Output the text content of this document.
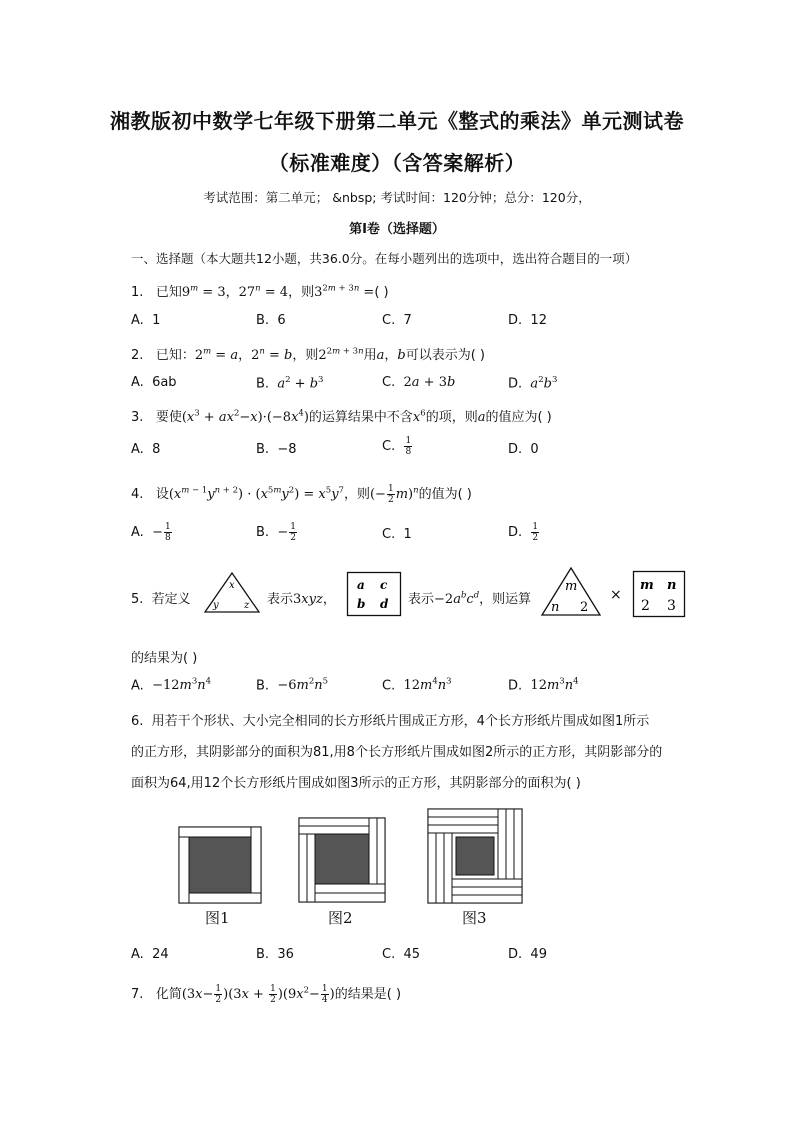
湘教版初中数学七年级下册第二单元《整式的乘法》单元测试卷
（标准难度）（含答案解析）
考试范围：第二单元； &nbsp; 考试时间：120分钟；总分：120分，
第I卷（选择题）
一、选择题（本大题共12小题，共36.0分。在每小题列出的选项中，选出符合题目的一项）
1. 已知$9^m = 3$，$27^n = 4$，则$3^{2m + 3n}$ =( )
A. 1	B. 6	C. 7	D. 12
2. 已知：$2^m = a$，$2^n = b$，则$2^{2m + 3n}$用a，b可以表示为( )
A. 6ab	B. $a^2 + b^3$	C. 2a + 3b	D. $a^2b^3$
3. 要使$(x^3 + ax^2-x)\cdot(-8x^4)$的运算结果中不含$x^6$的项，则a的值应为( )
A. 8	B. −8	C. $\frac{1}{8}$	D. 0
4. 设$(x^{m - 1}y^{n + 2}) \cdot (x^{5m}y^2) = x^5y^7$，则(− $\frac{1}{2} m)^n$的值为( )
A. − $\frac{1}{8}$	B. − $\frac{1}{2}$	C. 1	D. $\frac{1}{2}$
5. 若定义
x
y	z 表示3xyz，
a c
b d 表示$-2a^bc^d$，则运算
m
n 2
×
m n
2 3
的结果为( )
A. $-12m^3n^4$	B. $-6m^2n^5$	C. $12m^4n^3$	D. $12m^3n^4$
6. 用若干个形状、大小完全相同的长方形纸片围成正方形，4个长方形纸片围成如图1所示
的正方形，其阴影部分的面积为81,用8个长方形纸片围成如图2所示的正方形，其阴影部分的
面积为64,用12个长方形纸片围成如图3所示的正方形，其阴影部分的面积为( )
图1	图2	图3
A. 24	B. 36	C. 45	D. 49
7. 化简$(3x- \frac{1}{2} )(3x + \frac{1}{2} )(9x^2- \frac{1}{4}$ )的结果是( )
